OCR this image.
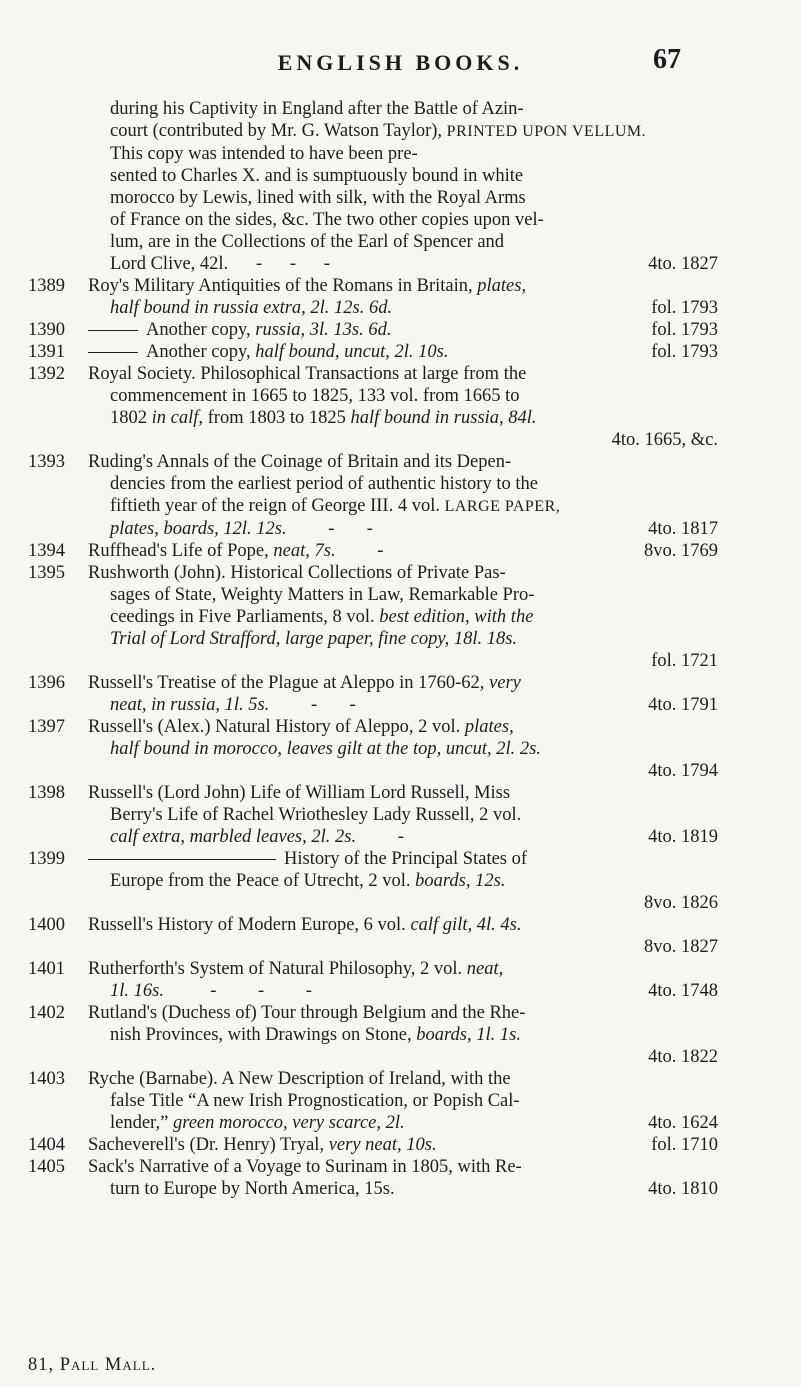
ENGLISH BOOKS.	67
during his Captivity in England after the Battle of Azin-
court (contributed by Mr. G. Watson Taylor), PRINTED UPON VELLUM.
This copy was intended to have been pre-
sented to Charles X. and is sumptuously bound in white
morocco by Lewis, lined with silk, with the Royal Arms
of France on the sides, &c. The two other copies upon vel-
lum, are in the Collections of the Earl of Spencer and
Lord Clive, 42l.      -      -      -	4to. 1827
1389	Roy's Military Antiquities of the Romans in Britain, plates,
half bound in russia extra, 2l. 12s. 6d.	fol. 1793
1390	Another copy, russia, 3l. 13s. 6d.	fol. 1793
1391	Another copy, half bound, uncut, 2l. 10s.	fol. 1793
1392	Royal Society. Philosophical Transactions at large from the
commencement in 1665 to 1825, 133 vol. from 1665 to
1802 in calf, from 1803 to 1825 half bound in russia, 84l.
4to. 1665, &c.
1393	Ruding's Annals of the Coinage of Britain and its Depen-
dencies from the earliest period of authentic history to the
fiftieth year of the reign of George III. 4 vol. LARGE PAPER,
plates, boards, 12l. 12s.         -       -	4to. 1817
1394	Ruffhead's Life of Pope, neat, 7s.         -	8vo. 1769
1395	Rushworth (John). Historical Collections of Private Pas-
sages of State, Weighty Matters in Law, Remarkable Pro-
ceedings in Five Parliaments, 8 vol. best edition, with the
Trial of Lord Strafford, large paper, fine copy, 18l. 18s.
fol. 1721
1396	Russell's Treatise of the Plague at Aleppo in 1760-62, very
neat, in russia, 1l. 5s.         -       -	4to. 1791
1397	Russell's (Alex.) Natural History of Aleppo, 2 vol. plates,
half bound in morocco, leaves gilt at the top, uncut, 2l. 2s.
4to. 1794
1398	Russell's (Lord John) Life of William Lord Russell, Miss
Berry's Life of Rachel Wriothesley Lady Russell, 2 vol.
calf extra, marbled leaves, 2l. 2s.         -	4to. 1819
1399	History of the Principal States of
Europe from the Peace of Utrecht, 2 vol. boards, 12s.
8vo. 1826
1400	Russell's History of Modern Europe, 6 vol. calf gilt, 4l. 4s.
8vo. 1827
1401	Rutherforth's System of Natural Philosophy, 2 vol. neat,
1l. 16s.          -         -         -	4to. 1748
1402	Rutland's (Duchess of) Tour through Belgium and the Rhe-
nish Provinces, with Drawings on Stone, boards, 1l. 1s.
4to. 1822
1403	Ryche (Barnabe). A New Description of Ireland, with the
false Title “A new Irish Prognostication, or Popish Cal-
lender,” green morocco, very scarce, 2l.	4to. 1624
1404	Sacheverell's (Dr. Henry) Tryal, very neat, 10s.	fol. 1710
1405	Sack's Narrative of a Voyage to Surinam in 1805, with Re-
turn to Europe by North America, 15s.	4to. 1810
81, Pall Mall.
